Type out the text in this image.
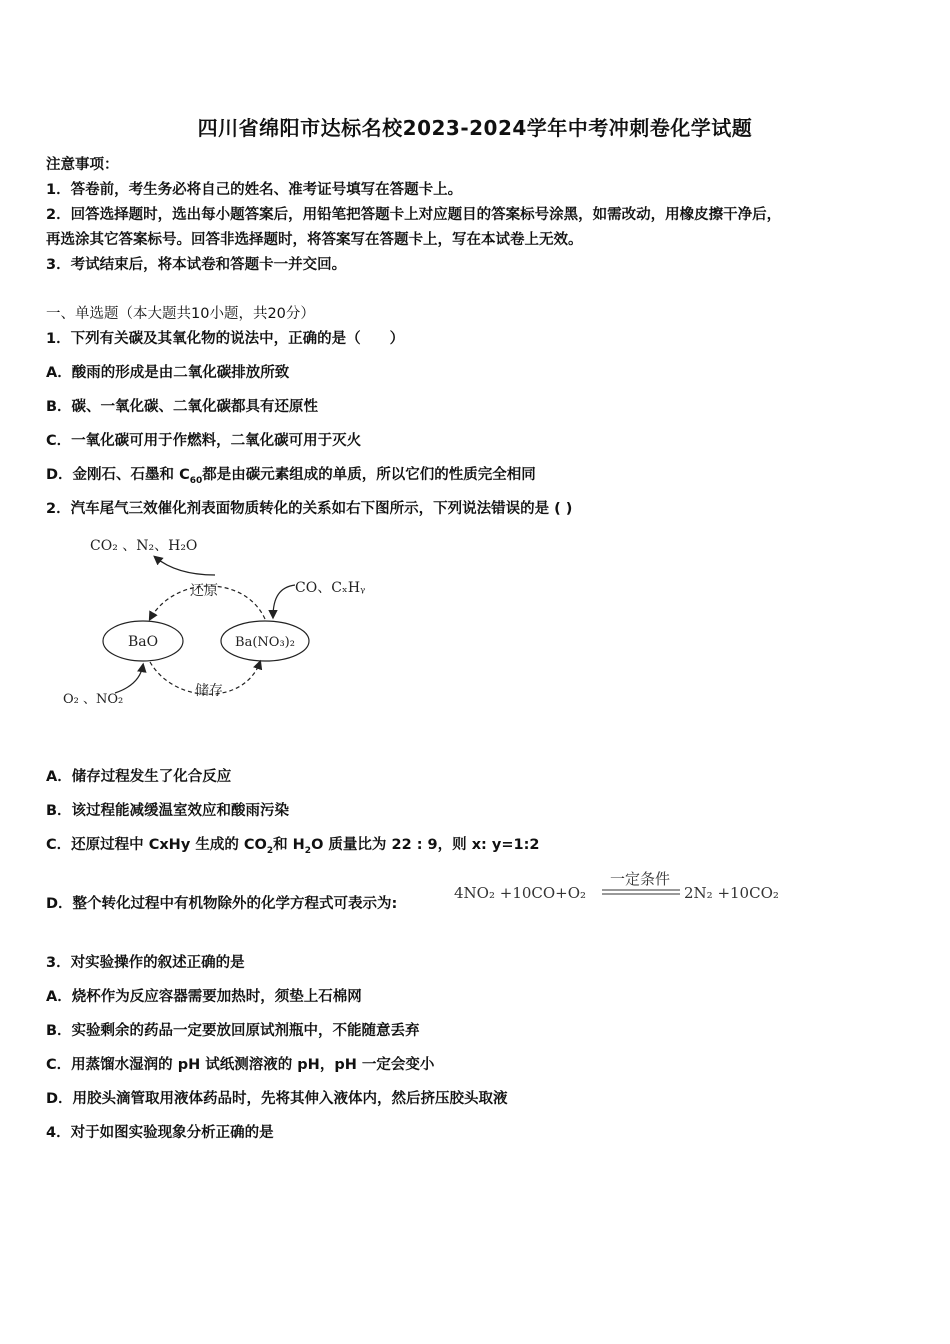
四川省绵阳市达标名校2023-2024学年中考冲刺卷化学试题
注意事项：
1．答卷前，考生务必将自己的姓名、准考证号填写在答题卡上。
2．回答选择题时，选出每小题答案后，用铅笔把答题卡上对应题目的答案标号涂黑，如需改动，用橡皮擦干净后，
再选涂其它答案标号。回答非选择题时，将答案写在答题卡上，写在本试卷上无效。
3．考试结束后，将本试卷和答题卡一并交回。
一、单选题（本大题共10小题，共20分）
1．下列有关碳及其氧化物的说法中，正确的是（　　）
A．酸雨的形成是由二氧化碳排放所致
B．碳、一氧化碳、二氧化碳都具有还原性
C．一氧化碳可用于作燃料，二氧化碳可用于灭火
D．金刚石、石墨和 $C_{60}$都是由碳元素组成的单质，所以它们的性质完全相同
2．汽车尾气三效催化剂表面物质转化的关系如右下图所示，下列说法错误的是 ( )
CO₂ 、N₂、H₂O
CO、CₓHᵧ
还原
储存
O₂ 、NO₂
BaO	Ba(NO₃)₂
A．储存过程发生了化合反应
B．该过程能减缓温室效应和酸雨污染
C．还原过程中 CxHy 生成的 $CO_2$和 $H_2O$ 质量比为 22 : 9，则 x: y=1:2
D．整个转化过程中有机物除外的化学方程式可表示为:
4NO₂ +10CO+O₂
一定条件
2N₂ +10CO₂
3．对实验操作的叙述正确的是
A．烧杯作为反应容器需要加热时，须垫上石棉网
B．实验剩余的药品一定要放回原试剂瓶中，不能随意丢弃
C．用蒸馏水湿润的 pH 试纸测溶液的 pH，pH 一定会变小
D．用胶头滴管取用液体药品时，先将其伸入液体内，然后挤压胶头取液
4．对于如图实验现象分析正确的是
